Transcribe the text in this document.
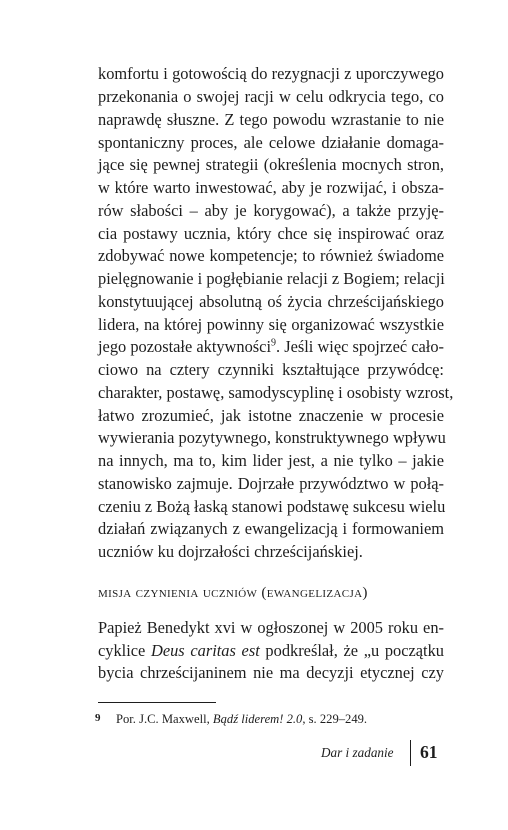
komfortu i gotowością do rezygnacji z uporczywego
przekonania o swojej racji w celu odkrycia tego, co
naprawdę słuszne. Z tego powodu wzrastanie to nie
spontaniczny proces, ale celowe działanie domaga-
jące się pewnej strategii (określenia mocnych stron,
w które warto inwestować, aby je rozwijać, i obsza-
rów słabości – aby je korygować), a także przyję-
cia postawy ucznia, który chce się inspirować oraz
zdobywać nowe kompetencje; to również świadome
pielęgnowanie i pogłębianie relacji z Bogiem; relacji
konstytuującej absolutną oś życia chrześcijańskiego
lidera, na której powinny się organizować wszystkie
jego pozostałe aktywności$^9$. Jeśli więc spojrzeć cało-
ciowo na cztery czynniki kształtujące przywódcę:
charakter, postawę, samodyscyplinę i osobisty wzrost,
łatwo zrozumieć, jak istotne znaczenie w procesie
wywierania pozytywnego, konstruktywnego wpływu
na innych, ma to, kim lider jest, a nie tylko – jakie
stanowisko zajmuje. Dojrzałe przywództwo w połą-
czeniu z Bożą łaską stanowi podstawę sukcesu wielu
działań związanych z ewangelizacją i formowaniem
uczniów ku dojrzałości chrześcijańskiej.
misja czynienia uczniów (ewangelizacja)
Papież Benedykt xvi w ogłoszonej w 2005 roku en-
cyklice Deus caritas est podkreślał, że „u początku
bycia chrześcijaninem nie ma decyzji etycznej czy
9 Por. J.C. Maxwell, Bądź liderem! 2.0, s. 229–249.
Dar i zadanie 61
